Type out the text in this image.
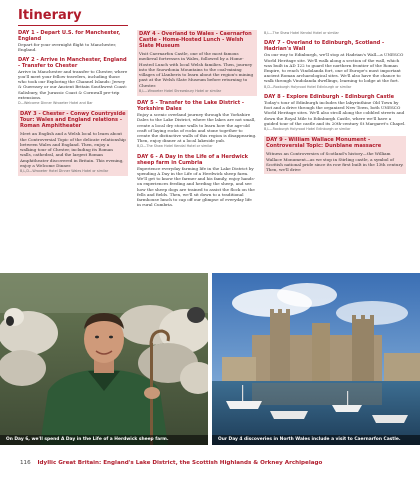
Itinerary
DAY 1 - Depart U.S. for Manchester, England
Depart for your overnight flight to Manchester, England.
DAY 2 - Arrive in Manchester, England - Transfer to Chester
Arrive in Manchester and transfer to Chester, where you'll meet your fellow travelers, including those who took our Exploring the Channel Islands: Jersey & Guernsey or our Ancient Britain Southwest Coast: Salisbury, the Jurassic Coast & Cornwall pre-trip extensions.
D—Welcome Dinner Wroxeter Hotel and Bar
DAY 3 - Chester - Conwy Countryside Tour: Wales and England relations - Roman Amphitheater
Meet an English and a Welsh local to learn about the Controversial Topic of the delicate relationship between Wales and England. Then, enjoy a walking tour of Chester, including its Roman walls, cathedral, and the largest Roman Amphitheater discovered in Britain. This evening, enjoy a Welcome Dinner.
B,L,D—Wroxeter Hotel Dinner Wales Hotel or similar
DAY 4 - Overland to Wales - Caernarfon Castle - Home-Hosted Lunch - Welsh Slate Museum
Visit Caernarfon Castle, one of the most famous medieval fortresses in Wales, followed by a Home-Hosted Lunch with local Welsh families. Then, journey into the Snowdonia Mountains to the coal-mining villages of Llanberis to learn about the region's mining past at the Welsh Slate Museum before returning to Chester.
B,L—Wroxeter Hotel Shrewsbury Hotel or similar
DAY 5 - Transfer to the Lake District - Yorkshire Dales
Enjoy a scenic overland journey through the Yorkshire Dales to the Lake District, where the lakes are not small, create a local dry stone walls to learn how the age-old craft of laying rocks of rocks and stone together to create the distinctive walls of this region is disappearing. Then, enjoy dinner at a local lakeside pub.
B,D—The Shaw Hotel Kendal Hotel or similar
DAY 6 - A Day in the Life of a Herdwick sheep farm in Cumbria
Experience everyday farming life in the Lake District by spending A Day in the Life of a Herdwick sheep farm. We'll get to know the farmer and his family, enjoy hands-on experiences feeding and herding the sheep, and see how the sheep dogs are trained to assist the flock on the fells and fields. Then, we'll sit down to a traditional farmhouse lunch to cap off our glimpse of everyday life in rural Cumbria.
B,L—The Shaw Hotel Kendal Hotel or similar
DAY 7 - Overland to Edinburgh, Scotland - Hadrian's Wall
On our way to Edinburgh, we'll stop at Hadrian's Wall—a UNESCO World Heritage site. We'll walk along a section of the wall, which was built in AD 122 to guard the northern frontier of the Roman Empire, to reach Vindolanda fort, one of Europe's most important ancient Roman archaeological sites. We'll also have the chance to walk through Vindolanda dwellings, learning to lodge at the fort.
B,D—Roxburgh Holyrood Hotel Edinburgh or similar
DAY 8 - Explore Edinburgh - Edinburgh Castle
Today's tour of Edinburgh includes the labyrinthine Old Town by foot and a drive through the organized New Town, both UNESCO World Heritage sites. We'll also stroll along the cobbled streets and down the Royal Mile to Edinburgh Castle, where we'll have a guided tour of the castle and its 20th-century St Margaret's Chapel.
B,L—Roxburgh Holyrood Hotel Edinburgh or similar
DAY 9 - William Wallace Monument - Controversial Topic: Dunblane massacre
Witness an Controversies of Scotland's history—the William Wallace Monument—as we stop in Stirling castle, a symbol of Scottish national pride since its row first built in the 13th century. Then, we'll drive
On Day 6, we'll spend A Day in the Life of a Herdwick sheep farm.	Our Day 4 discoveries in North Wales include a visit to Caernarfon Castle.
116 Idyllic Great Britain: England's Lake District, the Scottish Highlands & Orkney Archipelago
